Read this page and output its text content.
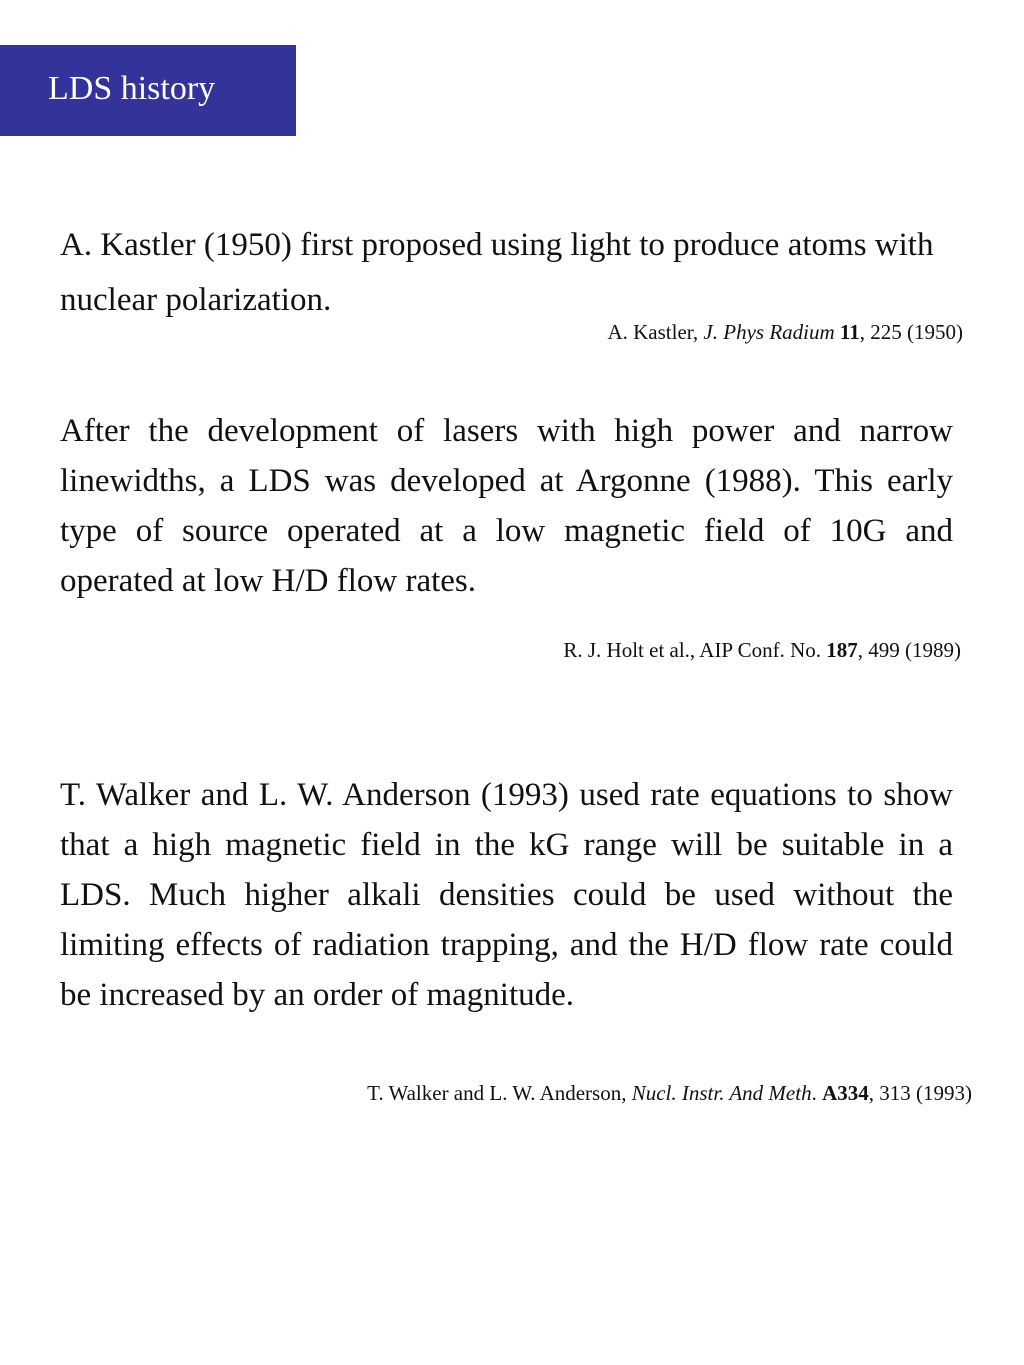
LDS history

A. Kastler (1950) first proposed using light to produce atoms with nuclear polarization.

A. Kastler, J. Phys Radium 11, 225 (1950)

After the development of lasers with high power and narrow linewidths, a LDS was developed at Argonne (1988). This early type of source operated at a low magnetic field of 10G and operated at low H/D flow rates.

R. J. Holt et al., AIP Conf. No. 187, 499 (1989)

T. Walker and L. W. Anderson (1993) used rate equations to show that a high magnetic field in the kG range will be suitable in a LDS. Much higher alkali densities could be used without the limiting effects of radiation trapping, and the H/D flow rate could be increased by an order of magnitude.

T. Walker and L. W. Anderson, Nucl. Instr. And Meth. A334, 313 (1993)
